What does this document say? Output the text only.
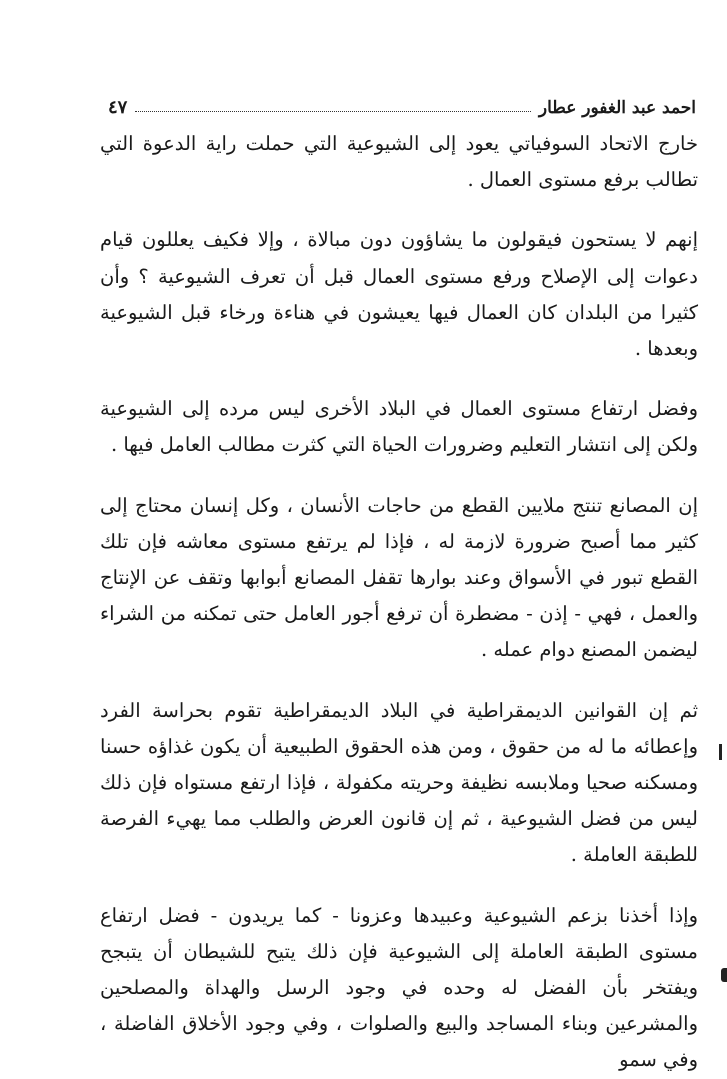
احمد عبد الغفور عطار
٤٧

خارج الاتحاد السوفياتي يعود إلى الشيوعية التي حملت راية الدعوة التي تطالب برفع مستوى العمال .

إنهم لا يستحون فيقولون ما يشاؤون دون مبالاة ، وإلا فكيف يعللون قيام دعوات إلى الإصلاح ورفع مستوى العمال قبل أن تعرف الشيوعية ؟ وأن كثيرا من البلدان كان العمال فيها يعيشون في هناءة ورخاء قبل الشيوعية وبعدها .

وفضل ارتفاع مستوى العمال في البلاد الأخرى ليس مرده إلى الشيوعية ولكن إلى انتشار التعليم وضرورات الحياة التي كثرت مطالب العامل فيها .

إن المصانع تنتج ملايين القطع من حاجات الأنسان ، وكل إنسان محتاج إلى كثير مما أصبح ضرورة لازمة له ، فإذا لم يرتفع مستوى معاشه فإن تلك القطع تبور في الأسواق وعند بوارها تقفل المصانع أبوابها وتقف عن الإنتاج والعمل ، فهي - إذن - مضطرة أن ترفع أجور العامل حتى تمكنه من الشراء ليضمن المصنع دوام عمله .

ثم إن القوانين الديمقراطية في البلاد الديمقراطية تقوم بحراسة الفرد وإعطائه ما له من حقوق ، ومن هذه الحقوق الطبيعية أن يكون غذاؤه حسنا ومسكنه صحيا وملابسه نظيفة وحريته مكفولة ، فإذا ارتفع مستواه فإن ذلك ليس من فضل الشيوعية ، ثم إن قانون العرض والطلب مما يهيء الفرصة للطبقة العاملة .

وإذا أخذنا بزعم الشيوعية وعبيدها وعزونا - كما يريدون - فضل ارتفاع مستوى الطبقة العاملة إلى الشيوعية فإن ذلك يتيح للشيطان أن يتبجح ويفتخر بأن الفضل له وحده في وجود الرسل والهداة والمصلحين والمشرعين وبناء المساجد والبيع والصلوات ، وفي وجود الأخلاق الفاضلة ، وفي سمو
